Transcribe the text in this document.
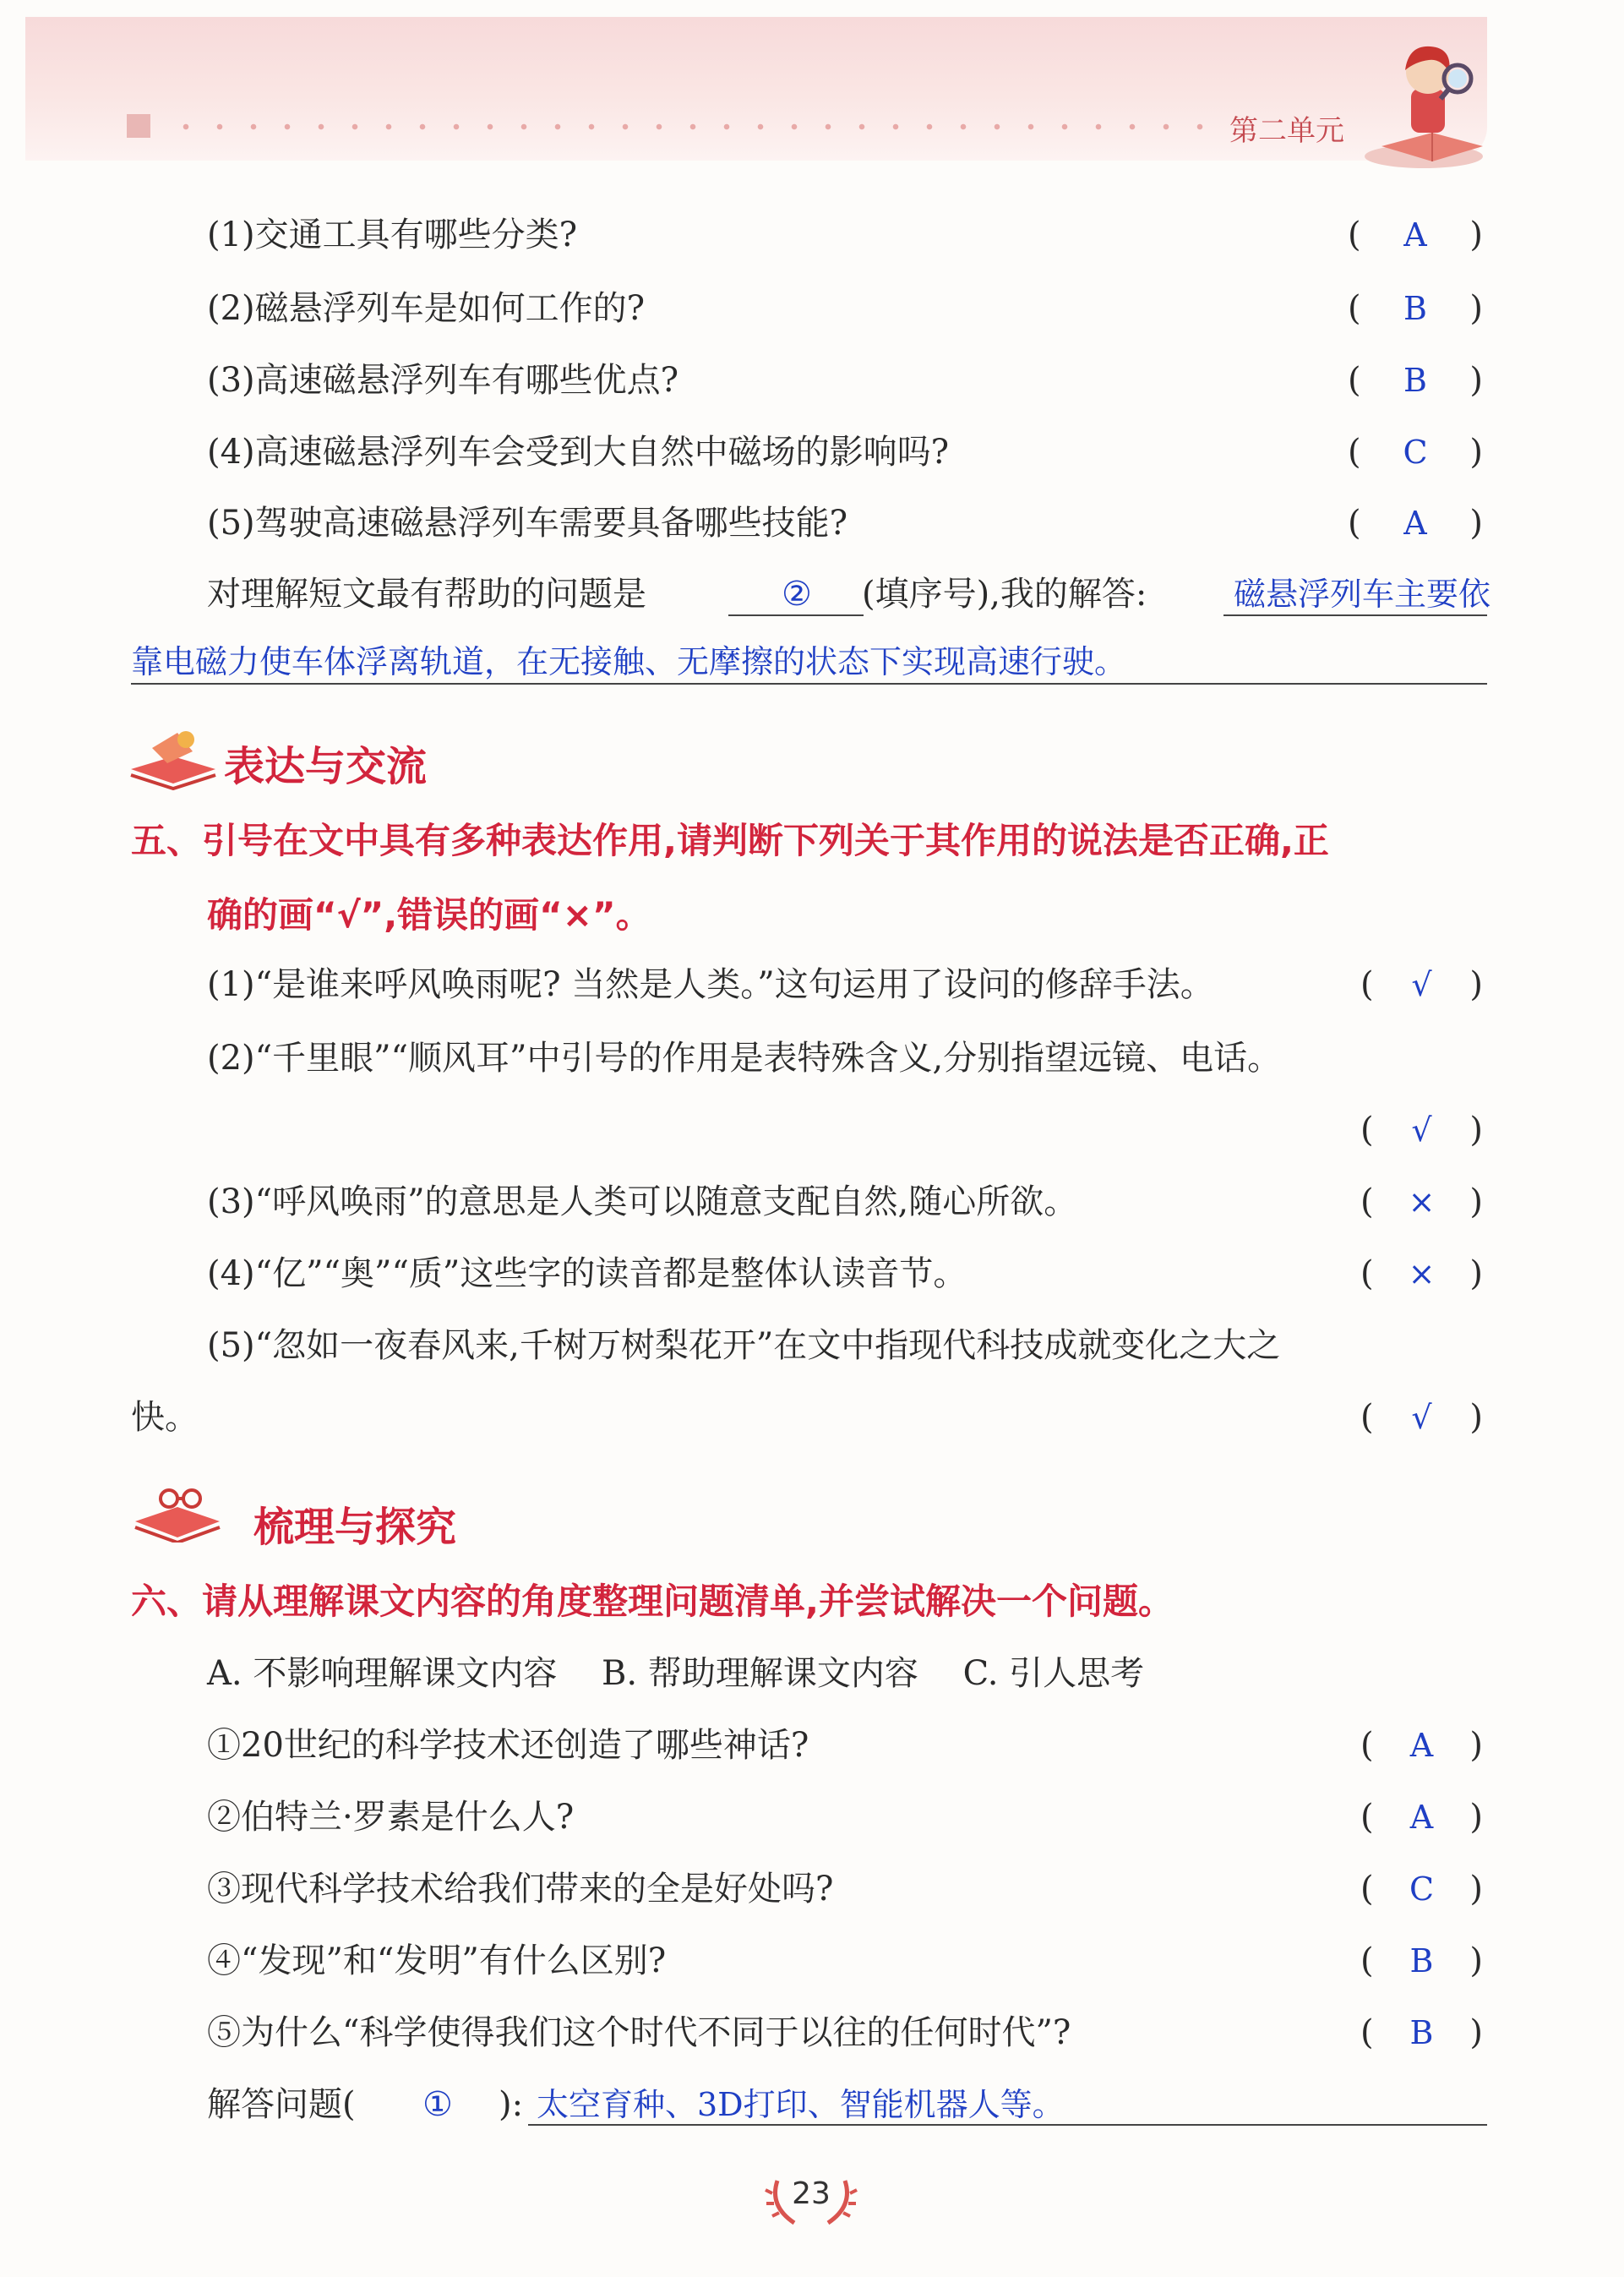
第二单元
(1)交通工具有哪些分类?	(	A	)
(2)磁悬浮列车是如何工作的?	(	B	)
(3)高速磁悬浮列车有哪些优点?	(	B	)
(4)高速磁悬浮列车会受到大自然中磁场的影响吗?	(	C	)
(5)驾驶高速磁悬浮列车需要具备哪些技能?	(	A	)
对理解短文最有帮助的问题是	② (填序号),我的解答:	磁悬浮列车主要依
靠电磁力使车体浮离轨道，在无接触、无摩擦的状态下实现高速行驶。
表达与交流
五、引号在文中具有多种表达作用,请判断下列关于其作用的说法是否正确,正
确的画“√”,错误的画“×”。
(1)“是谁来呼风唤雨呢? 当然是人类。”这句运用了设问的修辞手法。	(	√	)
(2)“千里眼”“顺风耳”中引号的作用是表特殊含义,分别指望远镜、电话。
(	√	)
(3)“呼风唤雨”的意思是人类可以随意支配自然,随心所欲。	(	×	)
(4)“亿”“奥”“质”这些字的读音都是整体认读音节。	(	×	)
(5)“忽如一夜春风来,千树万树梨花开”在文中指现代科技成就变化之大之
快。	(	√	)
梳理与探究
六、请从理解课文内容的角度整理问题清单,并尝试解决一个问题。
A. 不影响理解课文内容　 B. 帮助理解课文内容　 C. 引人思考
①20世纪的科学技术还创造了哪些神话?	(	A	)
②伯特兰·罗素是什么人?	(	A	)
③现代科学技术给我们带来的全是好处吗?	(	C	)
④“发现”和“发明”有什么区别?	(	B	)
⑤为什么“科学使得我们这个时代不同于以往的任何时代”?	(	B	)
解答问题( ① ): 太空育种、3D打印、智能机器人等。
23
